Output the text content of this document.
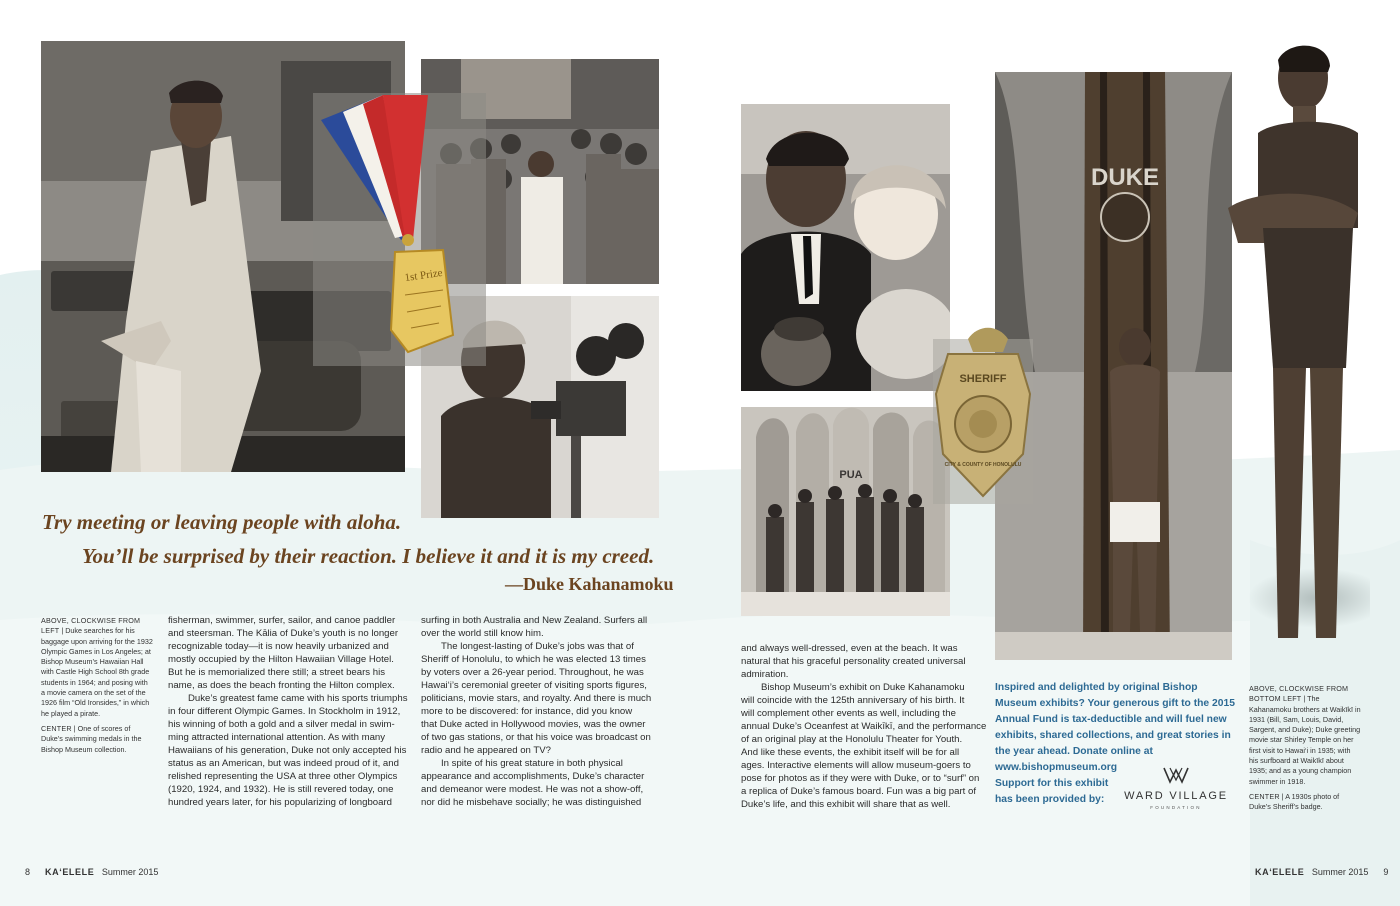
1st Prize
Try meeting or leaving people with aloha.
You’ll be surprised by their reaction. I believe it and it is my creed.
—Duke Kahanamoku

ABOVE, CLOCKWISE FROM LEFT | Duke searches for his baggage upon arriving for the 1932 Olympic Games in Los Angeles; at Bishop Museum’s Hawaiian Hall with Castle High School 8th grade students in 1964; and posing with a movie camera on the set of the 1926 film “Old Ironsides,” in which he played a pirate.

CENTER | One of scores of Duke’s swimming medals in the Bishop Museum collection.

fisherman, swimmer, surfer, sailor, and canoe paddler
and steersman. The Kālia of Duke’s youth is no longer
recognizable today—it is now heavily urbanized and
mostly occupied by the Hilton Hawaiian Village Hotel.
But he is memorialized there still; a street bears his
name, as does the beach fronting the Hilton complex.
Duke’s greatest fame came with his sports triumphs
in four different Olympic Games. In Stockholm in 1912,
his winning of both a gold and a silver medal in swim-
ming attracted international attention. As with many
Hawaiians of his generation, Duke not only accepted his
status as an American, but was indeed proud of it, and
relished representing the USA at three other Olympics
(1920, 1924, and 1932). He is still revered today, one
hundred years later, for his popularizing of longboard
surfing in both Australia and New Zealand. Surfers all
over the world still know him.
The longest-lasting of Duke’s jobs was that of
Sheriff of Honolulu, to which he was elected 13 times
by voters over a 26-year period. Throughout, he was
Hawai‘i’s ceremonial greeter of visiting sports figures,
politicians, movie stars, and royalty. And there is much
more to be discovered: for instance, did you know
that Duke acted in Hollywood movies, was the owner
of two gas stations, or that his voice was broadcast on
radio and he appeared on TV?
In spite of his great stature in both physical
appearance and accomplishments, Duke’s character
and demeanor were modest. He was not a show-off,
nor did he misbehave socially; he was distinguished
8 KA‘ELELE Summer 2015
PUA
DUKE
SHERIFF
CITY & COUNTY OF HONOLULU
and always well-dressed, even at the beach. It was
natural that his graceful personality created universal
admiration.
Bishop Museum’s exhibit on Duke Kahanamoku
will coincide with the 125th anniversary of his birth. It
will complement other events as well, including the
annual Duke’s Oceanfest at Waikīkī, and the performance
of an original play at the Honolulu Theater for Youth.
And like these events, the exhibit itself will be for all
ages. Interactive elements will allow museum-goers to
pose for photos as if they were with Duke, or to “surf” on
a replica of Duke’s famous board. Fun was a big part of
Duke’s life, and this exhibit will share that as well.
Inspired and delighted by original Bishop Museum exhibits? Your generous gift to the 2015 Annual Fund is tax-deductible and will fuel new exhibits, shared collections, and great stories in the year ahead. Donate online at www.bishopmuseum.org
Support for this exhibit
has been provided by:	WARD VILLAGE
FOUNDATION

ABOVE, CLOCKWISE FROM BOTTOM LEFT | The Kahanamoku brothers at Waikīkī in 1931 (Bill, Sam, Louis, David, Sargent, and Duke); Duke greeting movie star Shirley Temple on her first visit to Hawai‘i in 1935; with his surfboard at Waikīkī about 1935; and as a young champion swimmer in 1918.

CENTER | A 1930s photo of Duke’s Sheriff’s badge.

KA‘ELELE Summer 2015 9
